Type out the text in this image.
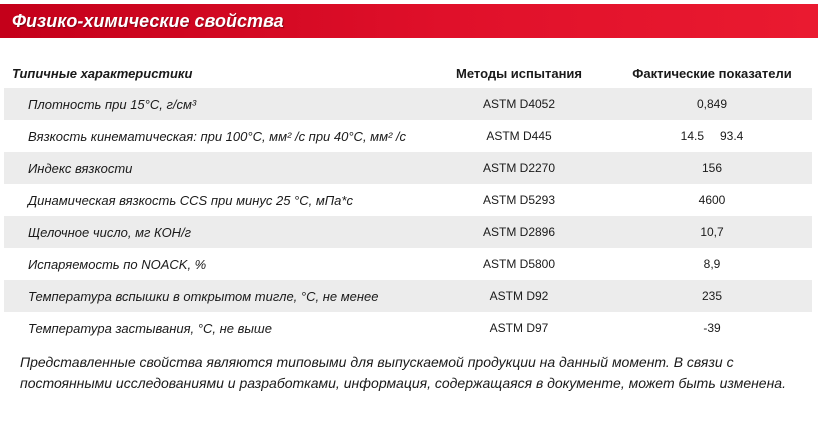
Физико-химические свойства
Типичные характеристики	Методы испытания	Фактические показатели
Плотность при 15°C, г/см³	ASTM D4052	0,849
Вязкость кинематическая: при 100°C, мм² /с при 40°C, мм² /с	ASTM D445	14.5 93.4
Индекс вязкости	ASTM D2270	156
Динамическая вязкость CCS при минус 25 °C, мПа*с	ASTM D5293	4600
Щелочное число, мг КОН/г	ASTM D2896	10,7
Испаряемость по NOACK, %	ASTM D5800	8,9
Температура вспышки в открытом тигле, °C, не менее	ASTM D92	235
Температура застывания, °C, не выше	ASTM D97	-39

Представленные свойства являются типовыми для выпускаемой продукции на данный момент. В связи с постоянными исследованиями и разработками, информация, содержащаяся в документе, может быть изменена.
